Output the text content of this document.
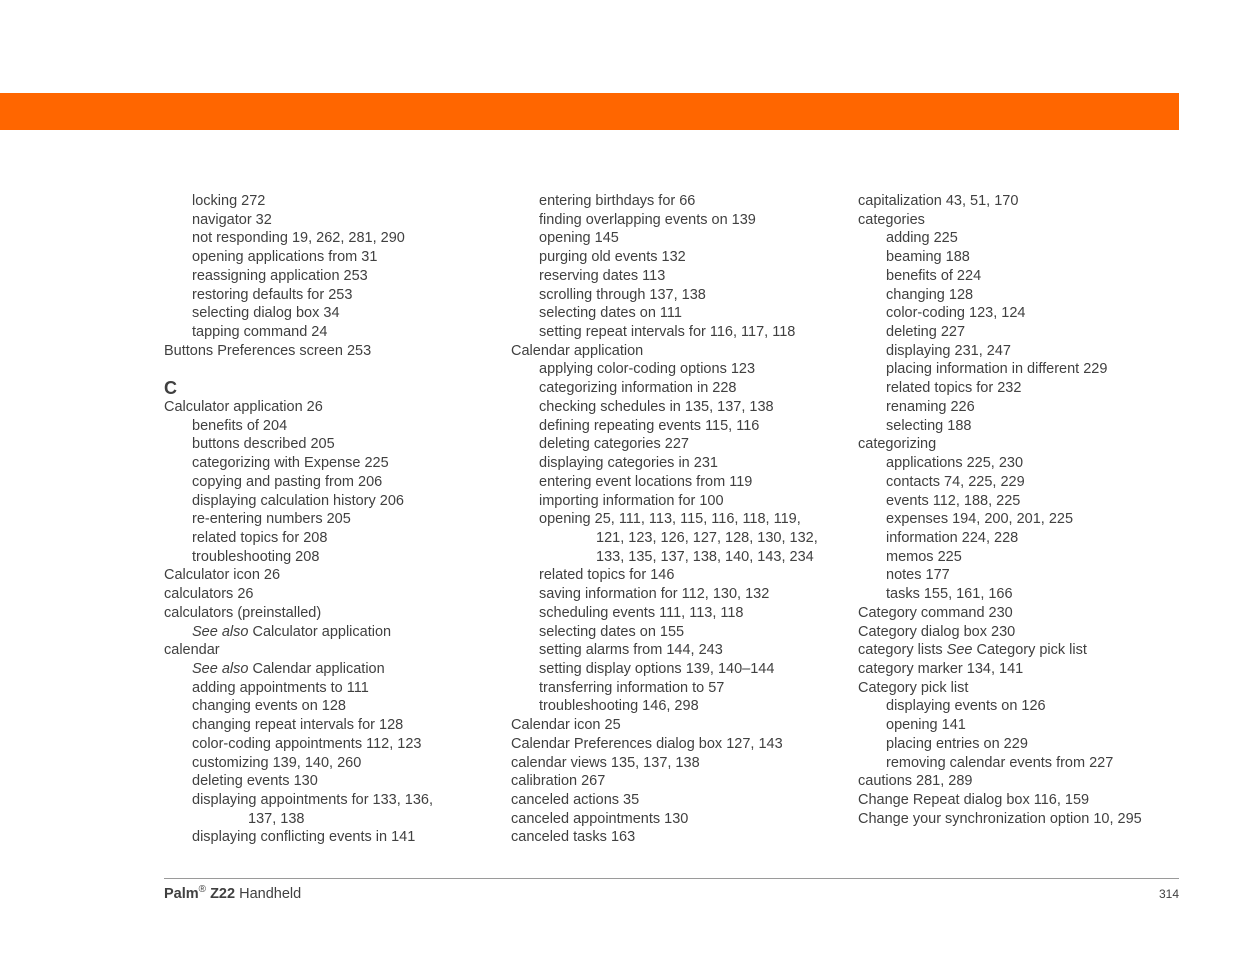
locking 272
navigator 32
not responding 19, 262, 281, 290
opening applications from 31
reassigning application 253
restoring defaults for 253
selecting dialog box 34
tapping command 24
Buttons Preferences screen 253
C
Calculator application 26
benefits of 204
buttons described 205
categorizing with Expense 225
copying and pasting from 206
displaying calculation history 206
re-entering numbers 205
related topics for 208
troubleshooting 208
Calculator icon 26
calculators 26
calculators (preinstalled)
See also Calculator application
calendar
See also Calendar application
adding appointments to 111
changing events on 128
changing repeat intervals for 128
color-coding appointments 112, 123
customizing 139, 140, 260
deleting events 130
displaying appointments for 133, 136,
137, 138
displaying conflicting events in 141
entering birthdays for 66
finding overlapping events on 139
opening 145
purging old events 132
reserving dates 113
scrolling through 137, 138
selecting dates on 111
setting repeat intervals for 116, 117, 118
Calendar application
applying color-coding options 123
categorizing information in 228
checking schedules in 135, 137, 138
defining repeating events 115, 116
deleting categories 227
displaying categories in 231
entering event locations from 119
importing information for 100
opening 25, 111, 113, 115, 116, 118, 119,
121, 123, 126, 127, 128, 130, 132,
133, 135, 137, 138, 140, 143, 234
related topics for 146
saving information for 112, 130, 132
scheduling events 111, 113, 118
selecting dates on 155
setting alarms from 144, 243
setting display options 139, 140–144
transferring information to 57
troubleshooting 146, 298
Calendar icon 25
Calendar Preferences dialog box 127, 143
calendar views 135, 137, 138
calibration 267
canceled actions 35
canceled appointments 130
canceled tasks 163
capitalization 43, 51, 170
categories
adding 225
beaming 188
benefits of 224
changing 128
color-coding 123, 124
deleting 227
displaying 231, 247
placing information in different 229
related topics for 232
renaming 226
selecting 188
categorizing
applications 225, 230
contacts 74, 225, 229
events 112, 188, 225
expenses 194, 200, 201, 225
information 224, 228
memos 225
notes 177
tasks 155, 161, 166
Category command 230
Category dialog box 230
category lists See Category pick list
category marker 134, 141
Category pick list
displaying events on 126
opening 141
placing entries on 229
removing calendar events from 227
cautions 281, 289
Change Repeat dialog box 116, 159
Change your synchronization option 10, 295
Palm® Z22 Handheld	314
